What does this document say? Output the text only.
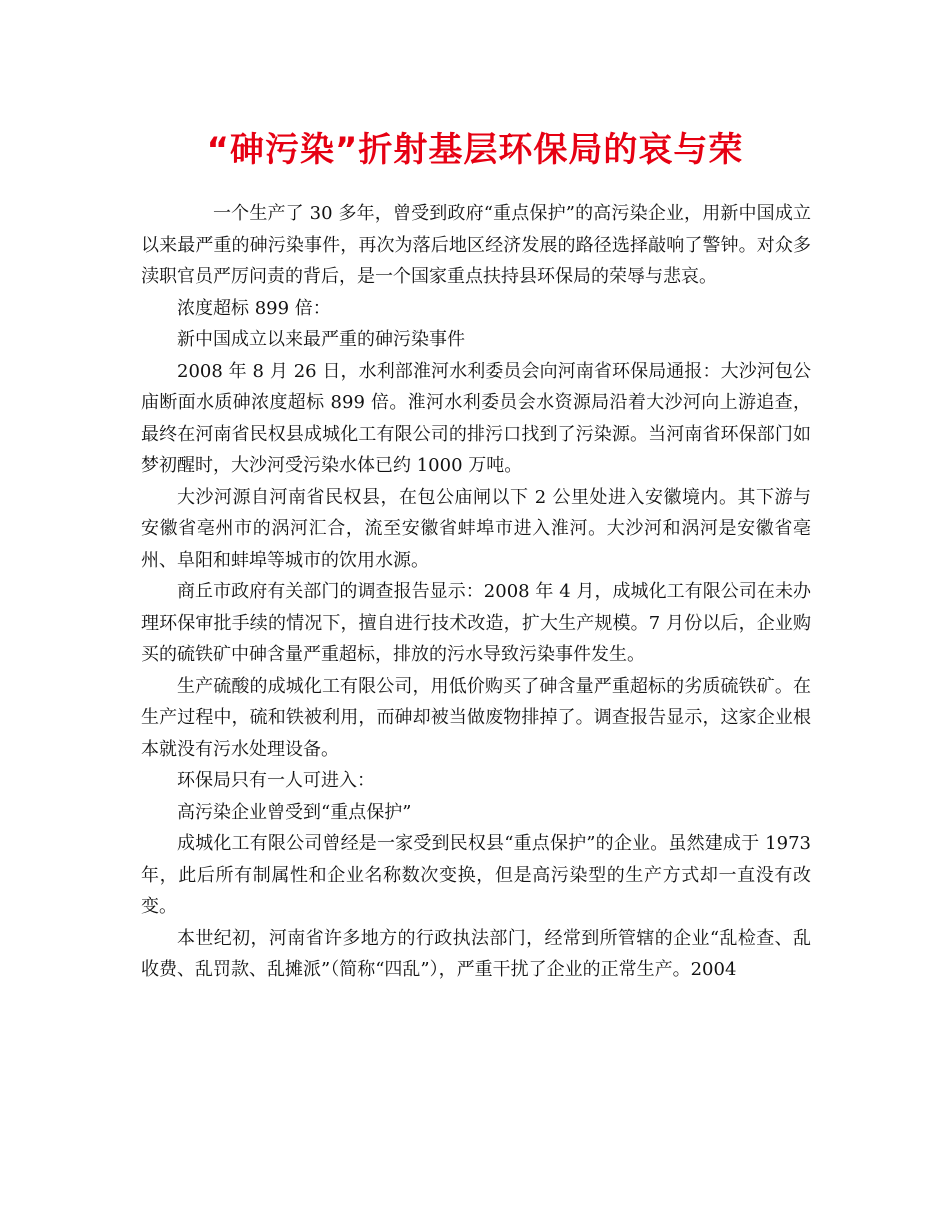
“砷污染”折射基层环保局的哀与荣

一个生产了 30 多年，曾受到政府“重点保护”的高污染企业，用新中国成立以来最严重的砷污染事件，再次为落后地区经济发展的路径选择敲响了警钟。对众多渎职官员严厉问责的背后，是一个国家重点扶持县环保局的荣辱与悲哀。

浓度超标 899 倍：

新中国成立以来最严重的砷污染事件

2008 年 8 月 26 日，水利部淮河水利委员会向河南省环保局通报：大沙河包公庙断面水质砷浓度超标 899 倍。淮河水利委员会水资源局沿着大沙河向上游追查，最终在河南省民权县成城化工有限公司的排污口找到了污染源。当河南省环保部门如梦初醒时，大沙河受污染水体已约 1000 万吨。

大沙河源自河南省民权县，在包公庙闸以下 2 公里处进入安徽境内。其下游与安徽省亳州市的涡河汇合，流至安徽省蚌埠市进入淮河。大沙河和涡河是安徽省亳州、阜阳和蚌埠等城市的饮用水源。

商丘市政府有关部门的调查报告显示：2008 年 4 月，成城化工有限公司在未办理环保审批手续的情况下，擅自进行技术改造，扩大生产规模。7 月份以后，企业购买的硫铁矿中砷含量严重超标，排放的污水导致污染事件发生。

生产硫酸的成城化工有限公司，用低价购买了砷含量严重超标的劣质硫铁矿。在生产过程中，硫和铁被利用，而砷却被当做废物排掉了。调查报告显示，这家企业根本就没有污水处理设备。

环保局只有一人可进入：

高污染企业曾受到“重点保护”

成城化工有限公司曾经是一家受到民权县“重点保护”的企业。虽然建成于 1973 年，此后所有制属性和企业名称数次变换，但是高污染型的生产方式却一直没有改变。

本世纪初，河南省许多地方的行政执法部门，经常到所管辖的企业“乱检查、乱收费、乱罚款、乱摊派”（简称“四乱”），严重干扰了企业的正常生产。2004
